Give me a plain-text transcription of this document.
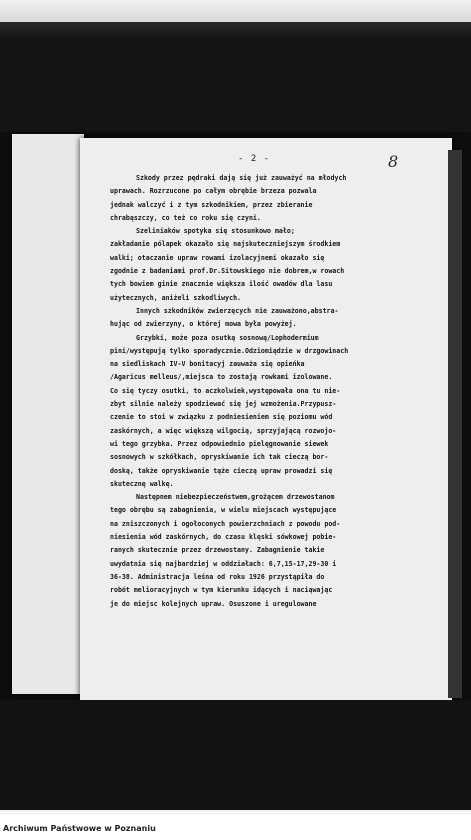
- 2 -	8
Szkody przez pędraki dają się już zauważyć na młodych
uprawach. Rozrzucone po całym obrębie brzeza pozwala
jednak walczyć i z tym szkodnikiem, przez zbieranie
chrabąszczy, co też co roku się czyni.
Szeliniaków spotyka się stosunkowo mało;
zakładanie pólapek okazało się najskuteczniejszym środkiem
walki; otaczanie upraw rowami izolacyjnemi okazało się
zgodnie z badaniami prof.Dr.Sitowskiego nie dobrem,w rowach
tych bowiem ginie znacznie większa ilość owadów dla lasu
użytecznych, aniżeli szkodliwych.
Innych szkodników zwierzęcych nie zauważono,abstra-
hując od zwierzyny, o której mowa była powyżej.
Grzybki, może poza osutką sosnową/Lophodermium
pini/występują tylko sporadycznie.Odziomiądzie w drzgowinach
na siedliskach IV-V bonitacyj zauważa się opieńka
/Agaricus melleus/,miejsca to zostają rowkami izolowane.
Co się tyczy osutki, to aczkolwiek,występowała ona tu nie-
zbyt silnie należy spodziewać się jej wzmożenia.Przypusz-
czenie to stoi w związku z podniesieniem się poziomu wód
zaskórnych, a więc większą wilgocią, sprzyjającą rozwojo-
wi tego grzybka. Przez odpowiednio pielęgnowanie siewek
sosnowych w szkółkach, opryskiwanie ich tak cieczą bor-
doską, także opryskiwanie tąże cieczą upraw prowadzi się
skutecznę walkę.
Następnem niebezpieczeństwem,grożącem drzewostanom
tego obrębu są zabagnienia, w wielu miejscach występujące
na zniszczonych i ogołoconych powierzchniach z powodu pod-
niesienia wód zaskórnych, do czasu klęski sówkowej pobie-
ranych skutecznie przez drzewostany. Zabagnienie takie
uwydatnia się najbardziej w oddziałach: 6,7,15-17,29-30 i
36-38. Administracja leśna od roku 1926 przystąpiła do
robót melioracyjnych w tym kierunku idących i naciąwając
je do miejsc kolejnych upraw. Osuszone i uregulowane
Archiwum Państwowe w Poznaniu
